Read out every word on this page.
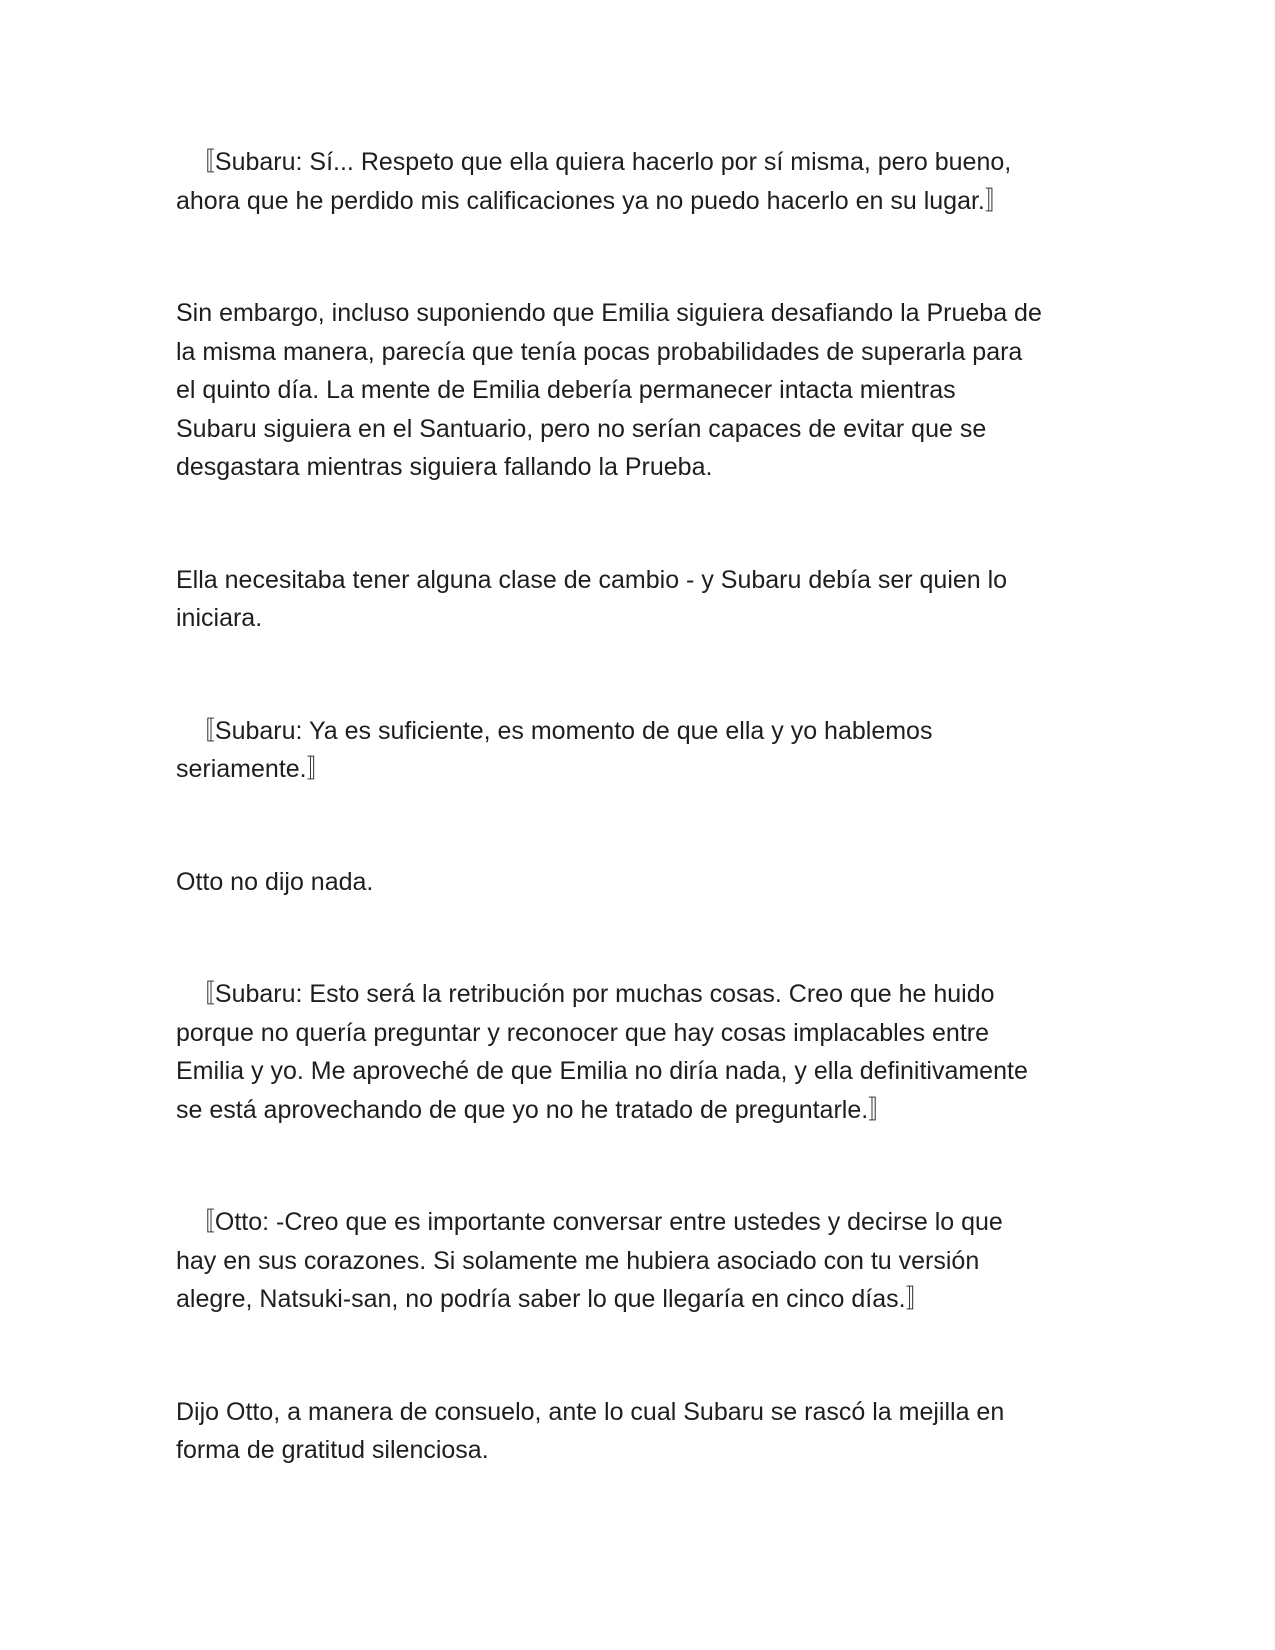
〚Subaru: Sí... Respeto que ella quiera hacerlo por sí misma, pero bueno,
ahora que he perdido mis calificaciones ya no puedo hacerlo en su lugar.〛

Sin embargo, incluso suponiendo que Emilia siguiera desafiando la Prueba de
la misma manera, parecía que tenía pocas probabilidades de superarla para
el quinto día. La mente de Emilia debería permanecer intacta mientras
Subaru siguiera en el Santuario, pero no serían capaces de evitar que se
desgastara mientras siguiera fallando la Prueba.

Ella necesitaba tener alguna clase de cambio - y Subaru debía ser quien lo
iniciara.

〚Subaru: Ya es suficiente, es momento de que ella y yo hablemos
seriamente.〛

Otto no dijo nada.

〚Subaru: Esto será la retribución por muchas cosas. Creo que he huido
porque no quería preguntar y reconocer que hay cosas implacables entre
Emilia y yo. Me aproveché de que Emilia no diría nada, y ella definitivamente
se está aprovechando de que yo no he tratado de preguntarle.〛

〚Otto: -Creo que es importante conversar entre ustedes y decirse lo que
hay en sus corazones. Si solamente me hubiera asociado con tu versión
alegre, Natsuki-san, no podría saber lo que llegaría en cinco días.〛

Dijo Otto, a manera de consuelo, ante lo cual Subaru se rascó la mejilla en
forma de gratitud silenciosa.
